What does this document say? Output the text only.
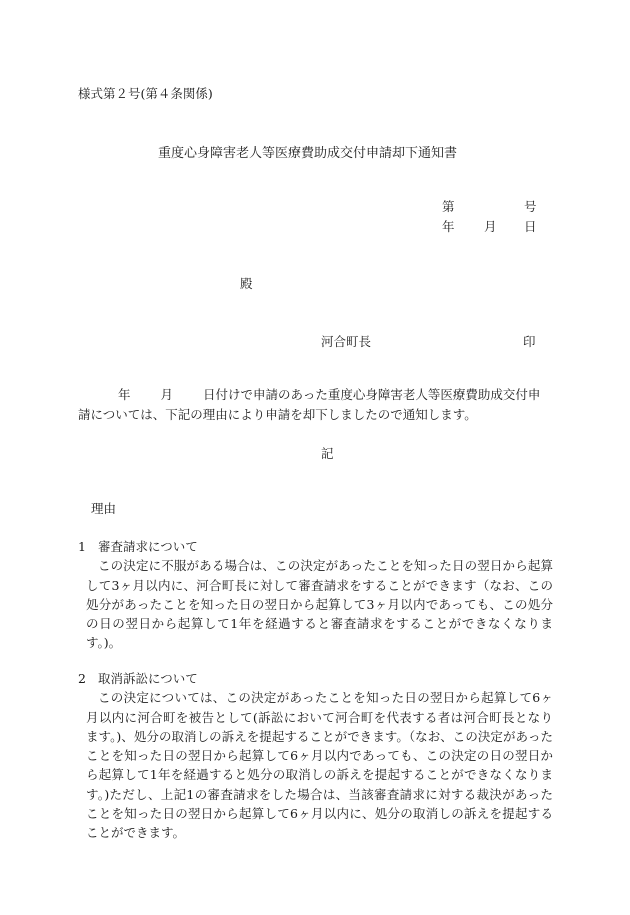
様式第２号(第４条関係)
重度心身障害老人等医療費助成交付申請却下通知書
第	号
年 月 日
殿
河合町長	印
年 月 日付けで申請のあった重度心身障害老人等医療費助成交付申請については、下記の理由により申請を却下しましたので通知します。
記
理由
1 審査請求について
この決定に不服がある場合は、この決定があったことを知った日の翌日から起算して3ヶ月以内に、河合町長に対して審査請求をすることができます（なお、この処分があったことを知った日の翌日から起算して3ヶ月以内であっても、この処分の日の翌日から起算して1年を経過すると審査請求をすることができなくなります。)。
2 取消訴訟について
この決定については、この決定があったことを知った日の翌日から起算して6ヶ月以内に河合町を被告として(訴訟において河合町を代表する者は河合町長となります。)、処分の取消しの訴えを提起することができます。（なお、この決定があったことを知った日の翌日から起算して6ヶ月以内であっても、この決定の日の翌日から起算して1年を経過すると処分の取消しの訴えを提起することができなくなります。)ただし、上記1の審査請求をした場合は、当該審査請求に対する裁決があったことを知った日の翌日から起算して6ヶ月以内に、処分の取消しの訴えを提起することができます。
